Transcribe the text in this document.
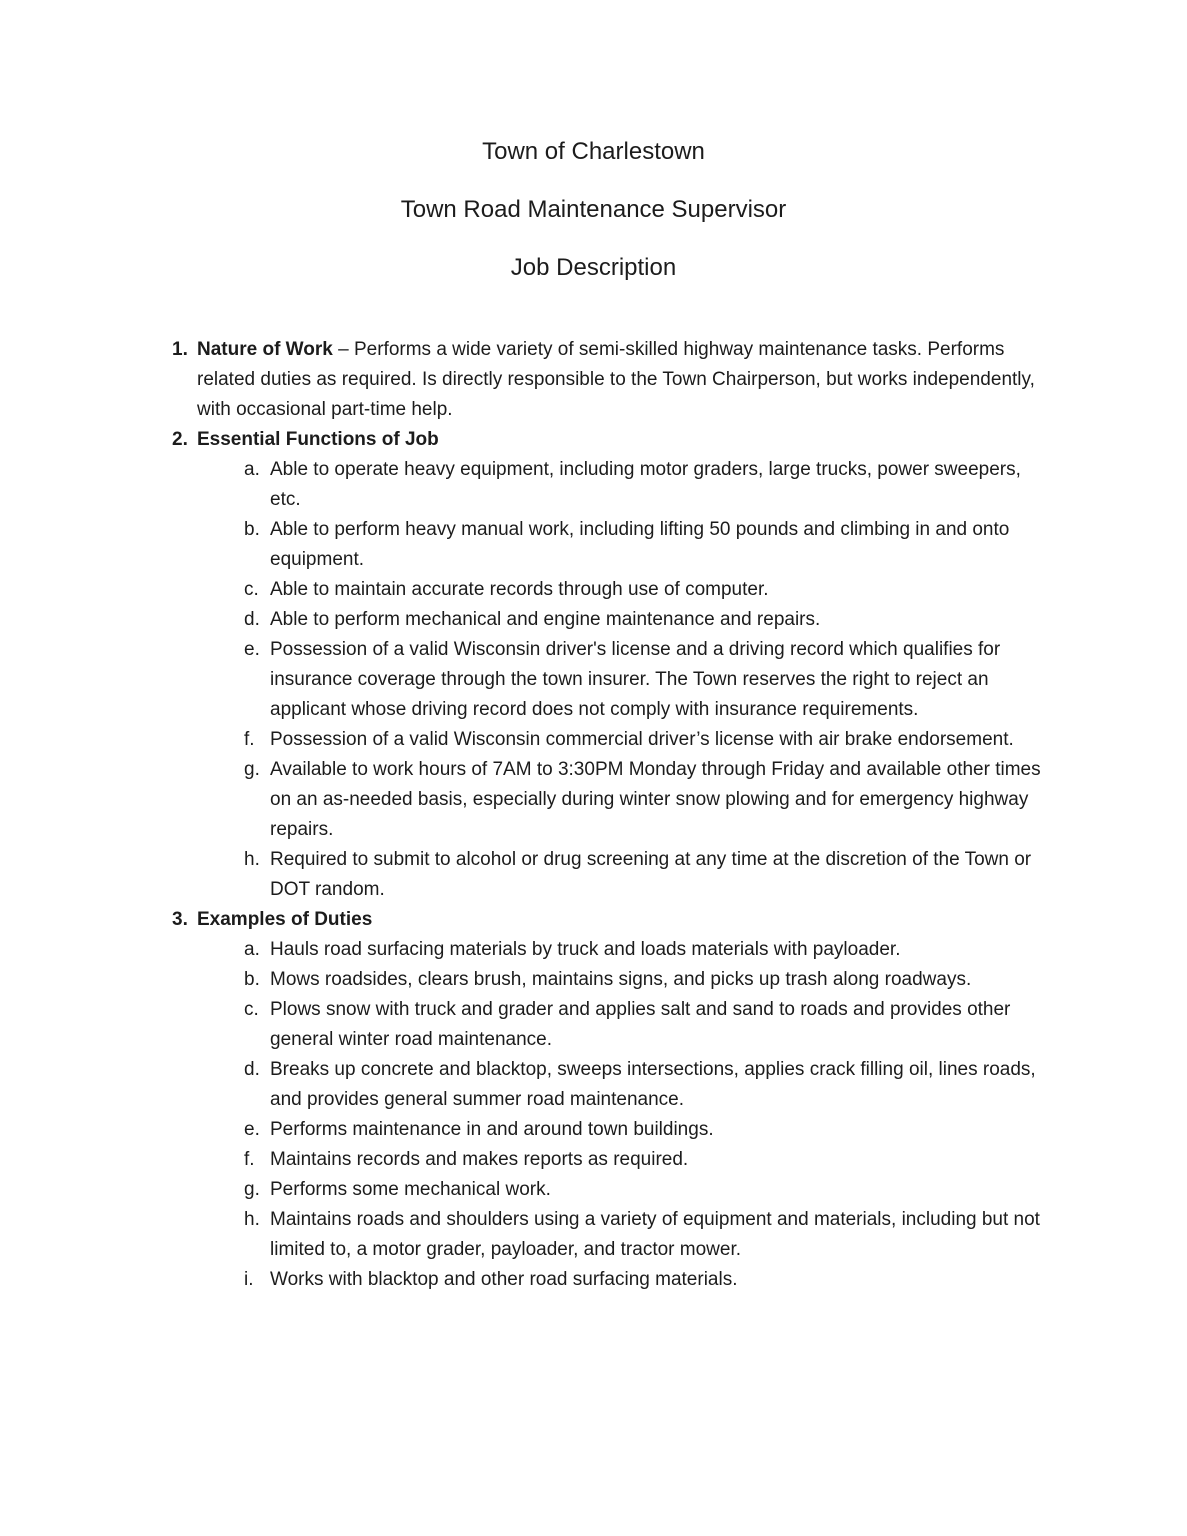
Town of Charlestown
Town Road Maintenance Supervisor
Job Description
1. Nature of Work – Performs a wide variety of semi-skilled highway maintenance tasks. Performs related duties as required. Is directly responsible to the Town Chairperson, but works independently, with occasional part-time help.
2. Essential Functions of Job
a. Able to operate heavy equipment, including motor graders, large trucks, power sweepers, etc.
b. Able to perform heavy manual work, including lifting 50 pounds and climbing in and onto equipment.
c. Able to maintain accurate records through use of computer.
d. Able to perform mechanical and engine maintenance and repairs.
e. Possession of a valid Wisconsin driver's license and a driving record which qualifies for insurance coverage through the town insurer. The Town reserves the right to reject an applicant whose driving record does not comply with insurance requirements.
f. Possession of a valid Wisconsin commercial driver’s license with air brake endorsement.
g. Available to work hours of 7AM to 3:30PM Monday through Friday and available other times on an as-needed basis, especially during winter snow plowing and for emergency highway repairs.
h. Required to submit to alcohol or drug screening at any time at the discretion of the Town or DOT random.
3. Examples of Duties
a. Hauls road surfacing materials by truck and loads materials with payloader.
b. Mows roadsides, clears brush, maintains signs, and picks up trash along roadways.
c. Plows snow with truck and grader and applies salt and sand to roads and provides other general winter road maintenance.
d. Breaks up concrete and blacktop, sweeps intersections, applies crack filling oil, lines roads, and provides general summer road maintenance.
e. Performs maintenance in and around town buildings.
f. Maintains records and makes reports as required.
g. Performs some mechanical work.
h. Maintains roads and shoulders using a variety of equipment and materials, including but not limited to, a motor grader, payloader, and tractor mower.
i. Works with blacktop and other road surfacing materials.
